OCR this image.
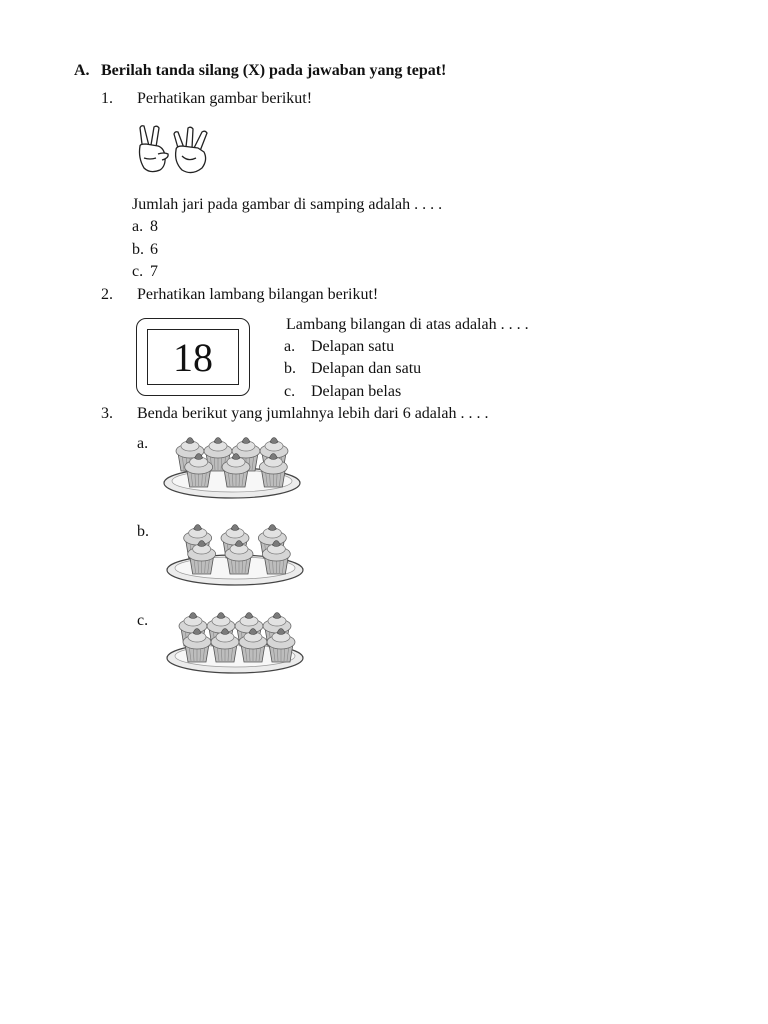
A. Berilah tanda silang (X) pada jawaban yang tepat!
1. Perhatikan gambar berikut!
Jumlah jari pada gambar di samping adalah . . . .
a. 8
b. 6
c. 7
2. Perhatikan lambang bilangan berikut!
18
Lambang bilangan di atas adalah . . . .
a. Delapan satu
b. Delapan dan satu
c. Delapan belas
3. Benda berikut yang jumlahnya lebih dari 6 adalah . . . .
a.
b.
c.
